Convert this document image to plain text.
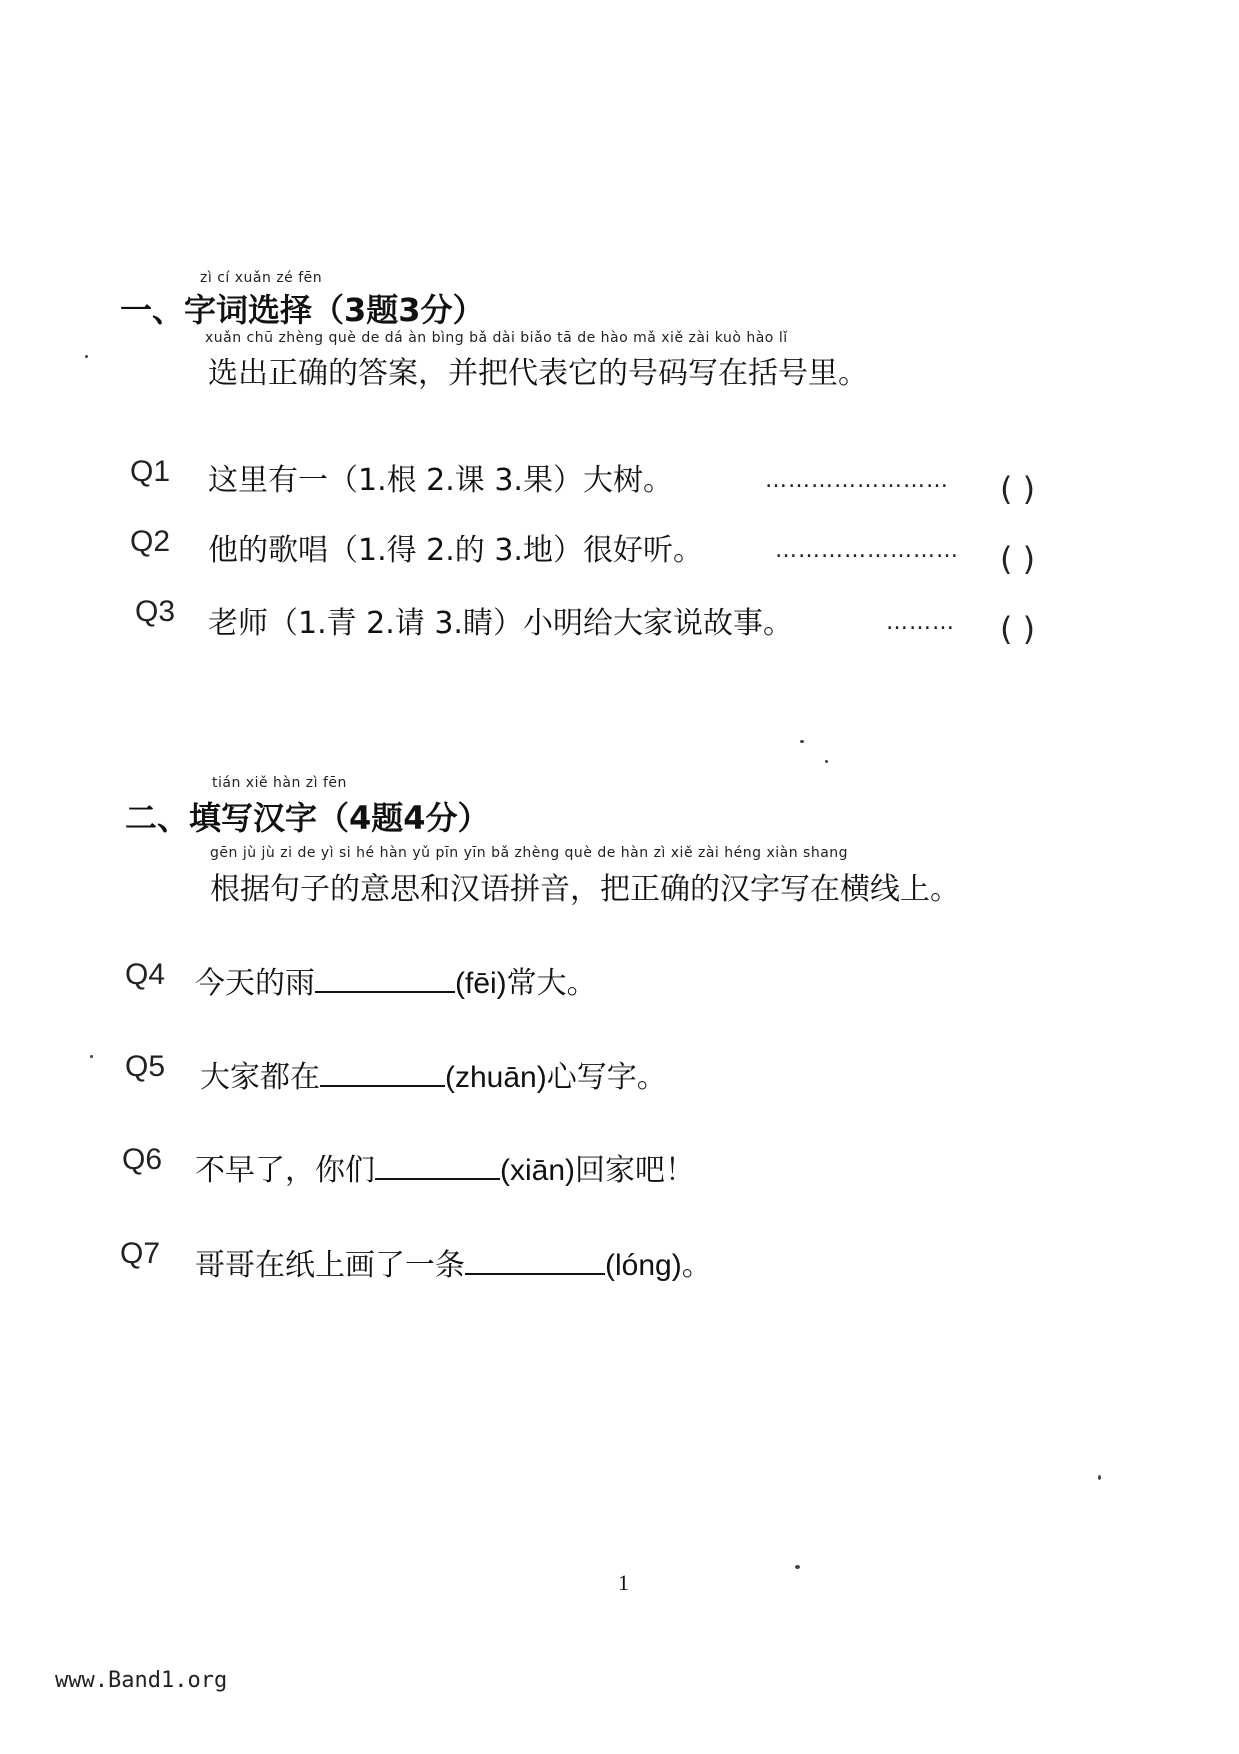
zì cí xuǎn zé fēn
一、字词选择（3题3分）
xuǎn chū zhèng què de dá àn bìng bǎ dài biǎo tā de hào mǎ xiě zài kuò hào lǐ
选出正确的答案，并把代表它的号码写在括号里。
Q1 这里有一（1.根 2.课 3.果）大树。	…………………… ( )
Q2 他的歌唱（1.得 2.的 3.地）很好听。	…………………… ( )
Q3 老师（1.青 2.请 3.睛）小明给大家说故事。	……… ( )
tián xiě hàn zì fēn
二、填写汉字（4题4分）
gēn jù jù zi de yì si hé hàn yǔ pīn yīn bǎ zhèng què de hàn zì xiě zài héng xiàn shang
根据句子的意思和汉语拼音，把正确的汉字写在横线上。
Q4 今天的雨	(fēi)常大。
Q5 大家都在	(zhuān)心写字。
Q6 不早了，你们	(xiān)回家吧！
Q7 哥哥在纸上画了一条	(lóng)。
1
www.Band1.org
